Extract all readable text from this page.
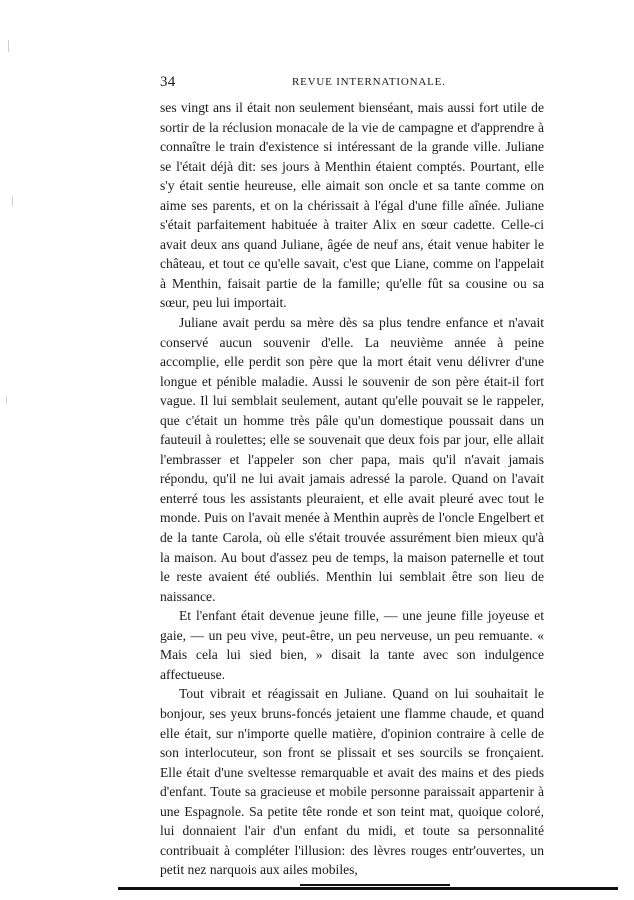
34	REVUE INTERNATIONALE.

ses vingt ans il était non seulement bienséant, mais aussi fort utile de sortir de la réclusion monacale de la vie de campagne et d'apprendre à connaître le train d'existence si intéressant de la grande ville. Juliane se l'était déjà dit: ses jours à Menthin étaient comptés. Pourtant, elle s'y était sentie heureuse, elle aimait son oncle et sa tante comme on aime ses parents, et on la chérissait à l'égal d'une fille aînée. Juliane s'était parfaitement habituée à traiter Alix en sœur cadette. Celle-ci avait deux ans quand Juliane, âgée de neuf ans, était venue habiter le château, et tout ce qu'elle savait, c'est que Liane, comme on l'appelait à Menthin, faisait partie de la famille; qu'elle fût sa cousine ou sa sœur, peu lui importait.

Juliane avait perdu sa mère dès sa plus tendre enfance et n'avait conservé aucun souvenir d'elle. La neuvième année à peine accomplie, elle perdit son père que la mort était venu délivrer d'une longue et pénible maladie. Aussi le souvenir de son père était-il fort vague. Il lui semblait seulement, autant qu'elle pouvait se le rappeler, que c'était un homme très pâle qu'un domestique poussait dans un fauteuil à roulettes; elle se souvenait que deux fois par jour, elle allait l'embrasser et l'appeler son cher papa, mais qu'il n'avait jamais répondu, qu'il ne lui avait jamais adressé la parole. Quand on l'avait enterré tous les assistants pleuraient, et elle avait pleuré avec tout le monde. Puis on l'avait menée à Menthin auprès de l'oncle Engelbert et de la tante Carola, où elle s'était trouvée assurément bien mieux qu'à la maison. Au bout d'assez peu de temps, la maison paternelle et tout le reste avaient été oubliés. Menthin lui semblait être son lieu de naissance.

Et l'enfant était devenue jeune fille, — une jeune fille joyeuse et gaie, — un peu vive, peut-être, un peu nerveuse, un peu remuante. « Mais cela lui sied bien, » disait la tante avec son indulgence affectueuse.

Tout vibrait et réagissait en Juliane. Quand on lui souhaitait le bonjour, ses yeux bruns-foncés jetaient une flamme chaude, et quand elle était, sur n'importe quelle matière, d'opinion contraire à celle de son interlocuteur, son front se plissait et ses sourcils se fronçaient. Elle était d'une sveltesse remarquable et avait des mains et des pieds d'enfant. Toute sa gracieuse et mobile personne paraissait appartenir à une Espagnole. Sa petite tête ronde et son teint mat, quoique coloré, lui donnaient l'air d'un enfant du midi, et toute sa personnalité contribuait à compléter l'illusion: des lèvres rouges entr'ouvertes, un petit nez narquois aux ailes mobiles,
